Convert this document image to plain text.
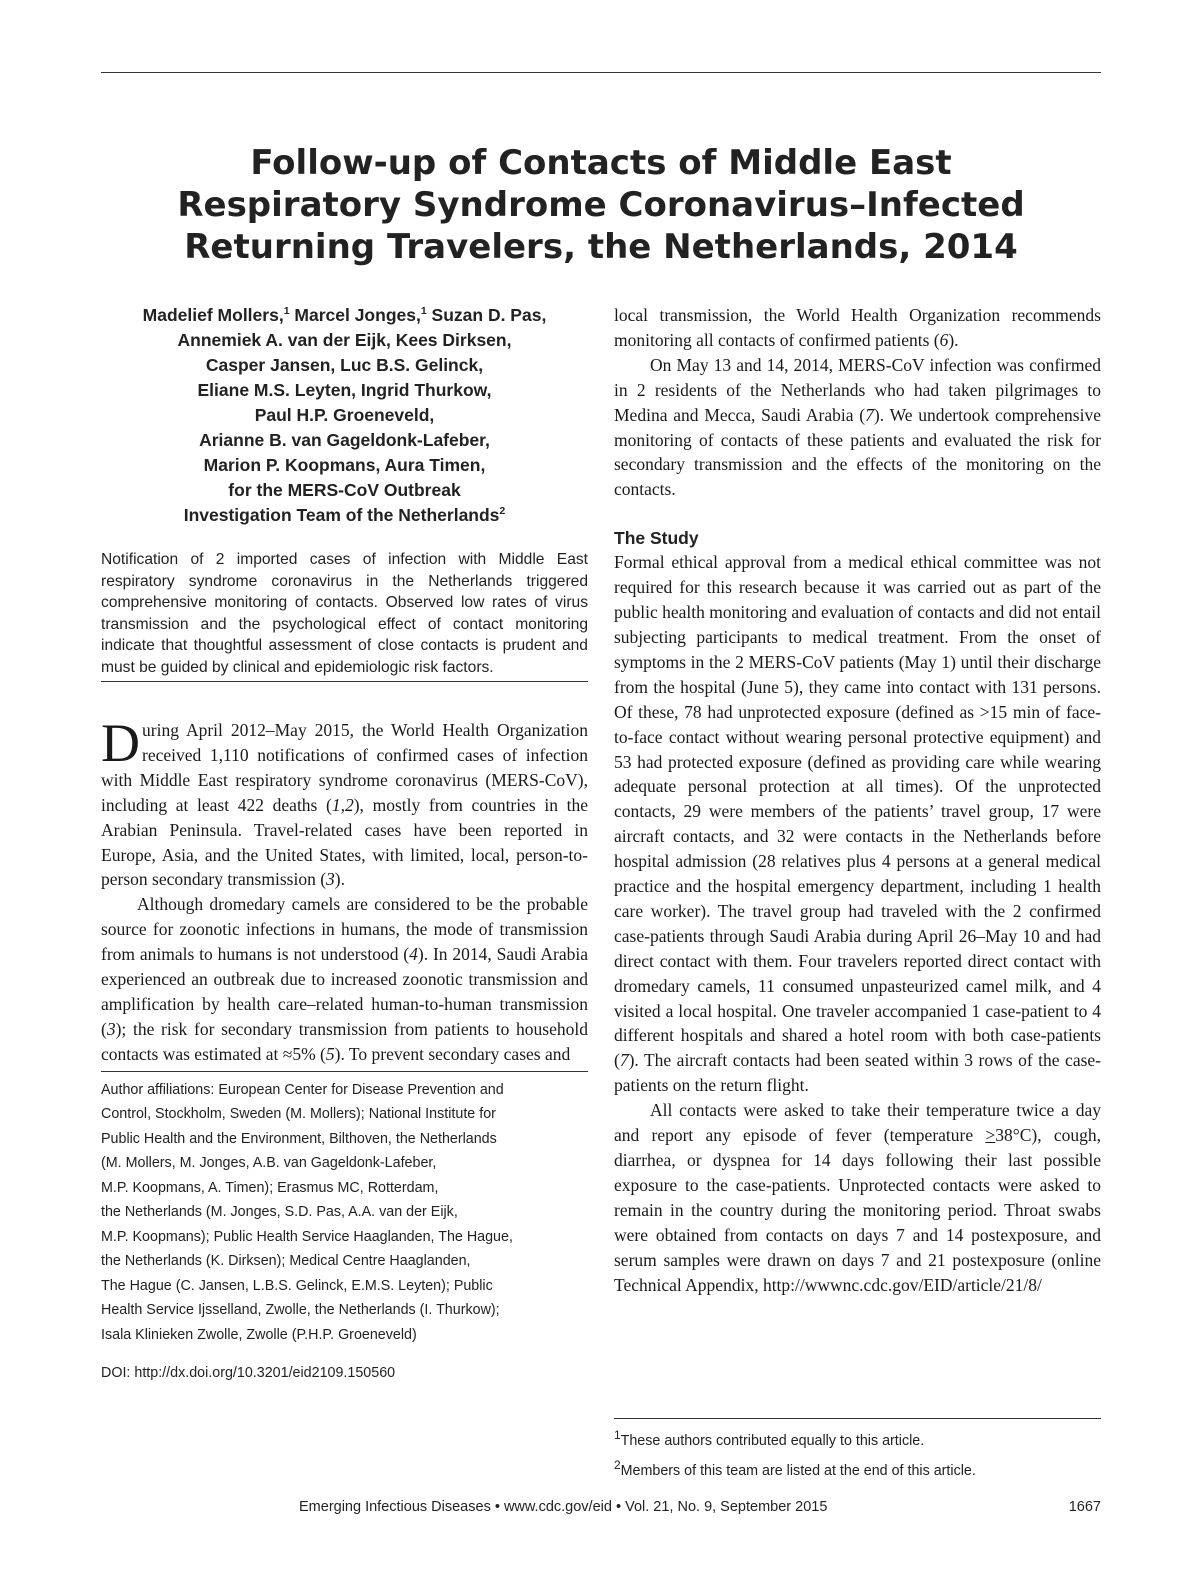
Follow-up of Contacts of Middle East
Respiratory Syndrome Coronavirus–Infected
Returning Travelers, the Netherlands, 2014
Madelief Mollers,$^1$ Marcel Jonges,$^1$ Suzan D. Pas,
Annemiek A. van der Eijk, Kees Dirksen,
Casper Jansen, Luc B.S. Gelinck,
Eliane M.S. Leyten, Ingrid Thurkow,
Paul H.P. Groeneveld,
Arianne B. van Gageldonk-Lafeber,
Marion P. Koopmans, Aura Timen,
for the MERS-CoV Outbreak
Investigation Team of the Netherlands$^2$
Notification of 2 imported cases of infection with Middle East respiratory syndrome coronavirus in the Netherlands triggered comprehensive monitoring of contacts. Observed low rates of virus transmission and the psychological effect of contact monitoring indicate that thoughtful assessment of close contacts is prudent and must be guided by clinical and epidemiologic risk factors.

During April 2012–May 2015, the World Health Organization received 1,110 notifications of confirmed cases of infection with Middle East respiratory syndrome coronavirus (MERS-CoV), including at least 422 deaths (1,2), mostly from countries in the Arabian Peninsula. Travel-related cases have been reported in Europe, Asia, and the United States, with limited, local, person-to-person secondary transmission (3).

Although dromedary camels are considered to be the probable source for zoonotic infections in humans, the mode of transmission from animals to humans is not understood (4). In 2014, Saudi Arabia experienced an outbreak due to increased zoonotic transmission and amplification by health care–related human-to-human transmission (3); the risk for secondary transmission from patients to household contacts was estimated at ≈5% (5). To prevent secondary cases and

Author affiliations: European Center for Disease Prevention and
Control, Stockholm, Sweden (M. Mollers); National Institute for
Public Health and the Environment, Bilthoven, the Netherlands
(M. Mollers, M. Jonges, A.B. van Gageldonk-Lafeber,
M.P. Koopmans, A. Timen); Erasmus MC, Rotterdam,
the Netherlands (M. Jonges, S.D. Pas, A.A. van der Eijk,
M.P. Koopmans); Public Health Service Haaglanden, The Hague,
the Netherlands (K. Dirksen); Medical Centre Haaglanden,
The Hague (C. Jansen, L.B.S. Gelinck, E.M.S. Leyten); Public
Health Service Ijsselland, Zwolle, the Netherlands (I. Thurkow);
Isala Klinieken Zwolle, Zwolle (P.H.P. Groeneveld)
DOI: http://dx.doi.org/10.3201/eid2109.150560

local transmission, the World Health Organization recommends monitoring all contacts of confirmed patients (6).

On May 13 and 14, 2014, MERS-CoV infection was confirmed in 2 residents of the Netherlands who had taken pilgrimages to Medina and Mecca, Saudi Arabia (7). We undertook comprehensive monitoring of contacts of these patients and evaluated the risk for secondary transmission and the effects of the monitoring on the contacts.

The Study

Formal ethical approval from a medical ethical committee was not required for this research because it was carried out as part of the public health monitoring and evaluation of contacts and did not entail subjecting participants to medical treatment. From the onset of symptoms in the 2 MERS-CoV patients (May 1) until their discharge from the hospital (June 5), they came into contact with 131 persons. Of these, 78 had unprotected exposure (defined as >15 min of face-to-face contact without wearing personal protective equipment) and 53 had protected exposure (defined as providing care while wearing adequate personal protection at all times). Of the unprotected contacts, 29 were members of the patients’ travel group, 17 were aircraft contacts, and 32 were contacts in the Netherlands before hospital admission (28 relatives plus 4 persons at a general medical practice and the hospital emergency department, including 1 health care worker). The travel group had traveled with the 2 confirmed case-patients through Saudi Arabia during April 26–May 10 and had direct contact with them. Four travelers reported direct contact with dromedary camels, 11 consumed unpasteurized camel milk, and 4 visited a local hospital. One traveler accompanied 1 case-patient to 4 different hospitals and shared a hotel room with both case-patients (7). The aircraft contacts had been seated within 3 rows of the case-patients on the return flight.

All contacts were asked to take their temperature twice a day and report any episode of fever (temperature ≥38°C), cough, diarrhea, or dyspnea for 14 days following their last possible exposure to the case-patients. Unprotected contacts were asked to remain in the country during the monitoring period. Throat swabs were obtained from contacts on days 7 and 14 postexposure, and serum samples were drawn on days 7 and 21 postexposure (online Technical Appendix, http://wwwnc.cdc.gov/EID/article/21/8/

$^1$These authors contributed equally to this article.
$^2$Members of this team are listed at the end of this article.
Emerging Infectious Diseases • www.cdc.gov/eid • Vol. 21, No. 9, September 2015	1667
